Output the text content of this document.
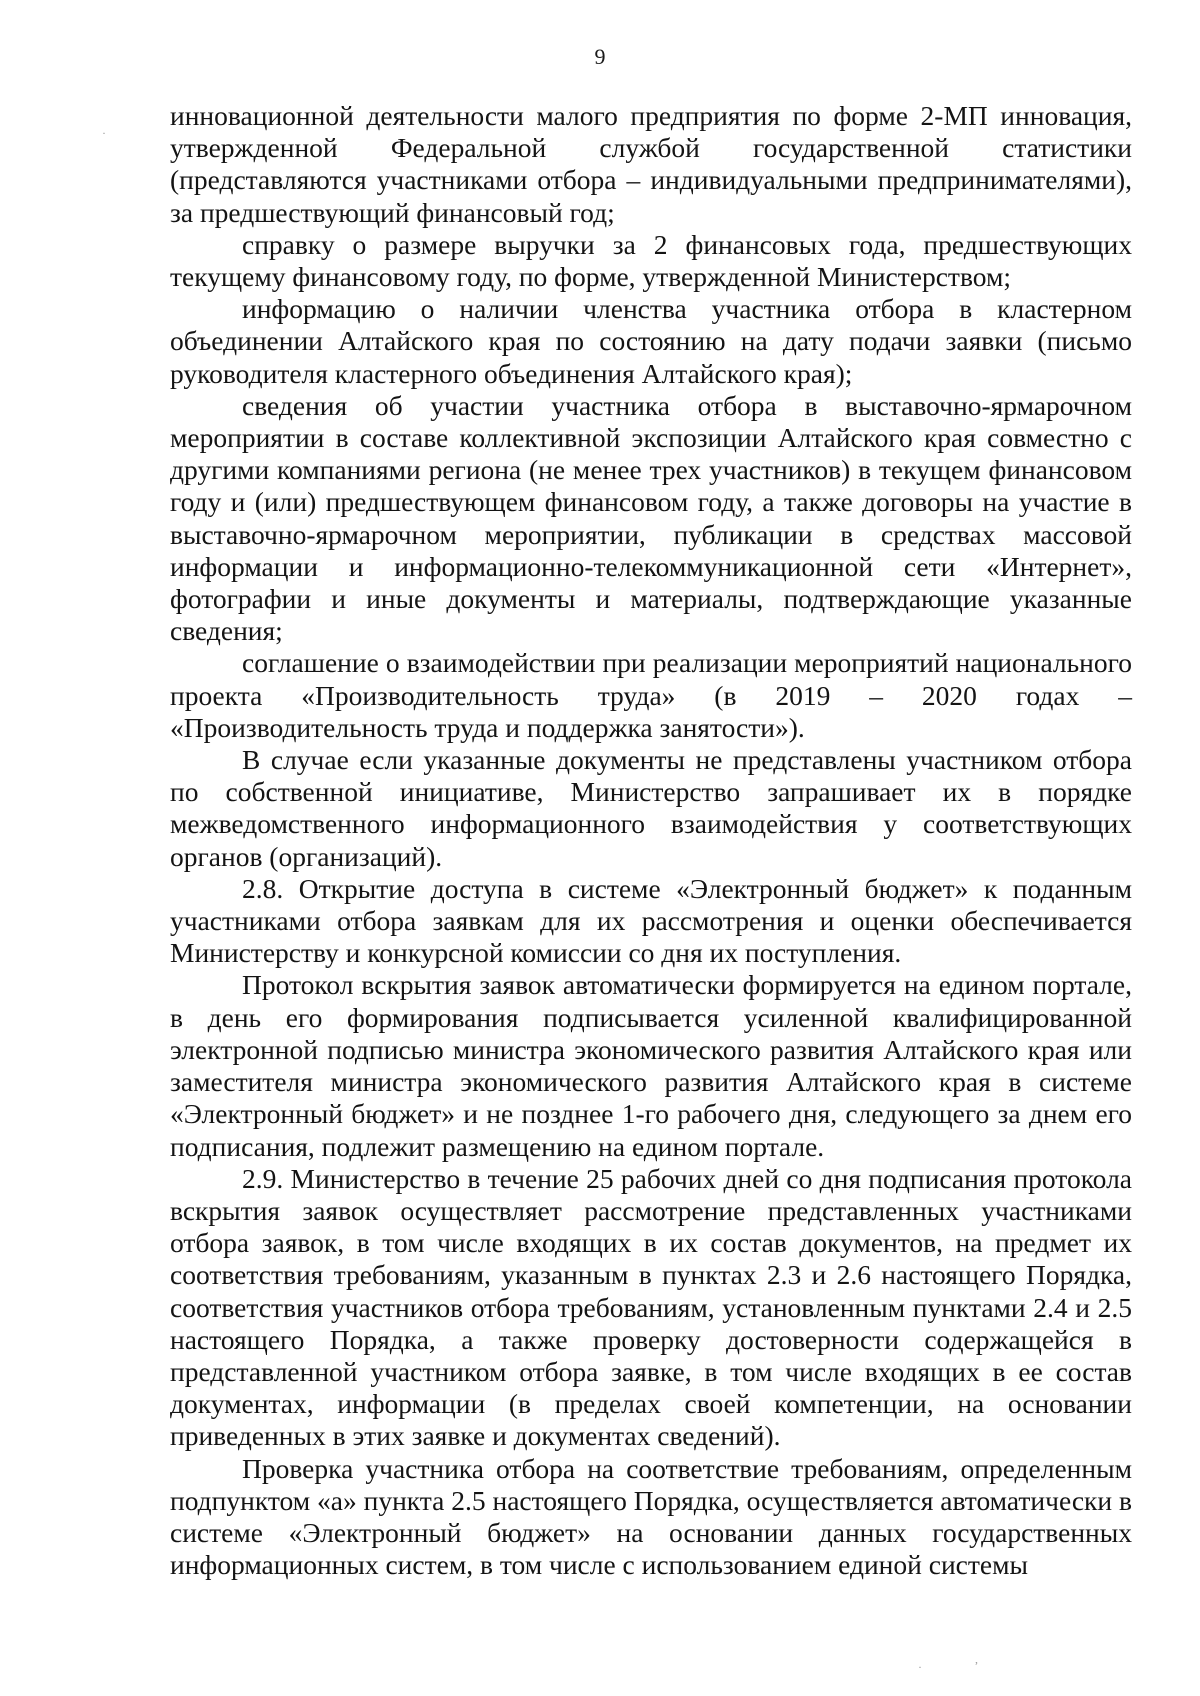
9

инновационной деятельности малого предприятия по форме 2-МП инновация, утвержденной Федеральной службой государственной статистики (представляются участниками отбора – индивидуальными предпринимателями), за предшествующий финансовый год;

справку о размере выручки за 2 финансовых года, предшествующих текущему финансовому году, по форме, утвержденной Министерством;

информацию о наличии членства участника отбора в кластерном объединении Алтайского края по состоянию на дату подачи заявки (письмо руководителя кластерного объединения Алтайского края);

сведения об участии участника отбора в выставочно-ярмарочном мероприятии в составе коллективной экспозиции Алтайского края совместно с другими компаниями региона (не менее трех участников) в текущем финансовом году и (или) предшествующем финансовом году, а также договоры на участие в выставочно-ярмарочном мероприятии, публикации в средствах массовой информации и информационно-телекоммуникационной сети «Интернет», фотографии и иные документы и материалы, подтверждающие указанные сведения;

соглашение о взаимодействии при реализации мероприятий национального проекта «Производительность труда» (в 2019 – 2020 годах – «Производительность труда и поддержка занятости»).

В случае если указанные документы не представлены участником отбора по собственной инициативе, Министерство запрашивает их в порядке межведомственного информационного взаимодействия у соответствующих органов (организаций).

2.8. Открытие доступа в системе «Электронный бюджет» к поданным участниками отбора заявкам для их рассмотрения и оценки обеспечивается Министерству и конкурсной комиссии со дня их поступления.

Протокол вскрытия заявок автоматически формируется на едином портале, в день его формирования подписывается усиленной квалифицированной электронной подписью министра экономического развития Алтайского края или заместителя министра экономического развития Алтайского края в системе «Электронный бюджет» и не позднее 1-го рабочего дня, следующего за днем его подписания, подлежит размещению на едином портале.

2.9. Министерство в течение 25 рабочих дней со дня подписания протокола вскрытия заявок осуществляет рассмотрение представленных участниками отбора заявок, в том числе входящих в их состав документов, на предмет их соответствия требованиям, указанным в пунктах 2.3 и 2.6 настоящего Порядка, соответствия участников отбора требованиям, установленным пунктами 2.4 и 2.5 настоящего Порядка, а также проверку достоверности содержащейся в представленной участником отбора заявке, в том числе входящих в ее состав документах, информации (в пределах своей компетенции, на основании приведенных в этих заявке и документах сведений).

Проверка участника отбора на соответствие требованиям, определенным подпунктом «а» пункта 2.5 настоящего Порядка, осуществляется автоматически в системе «Электронный бюджет» на основании данных государственных информационных систем, в том числе с использованием единой системы

·
·
,
